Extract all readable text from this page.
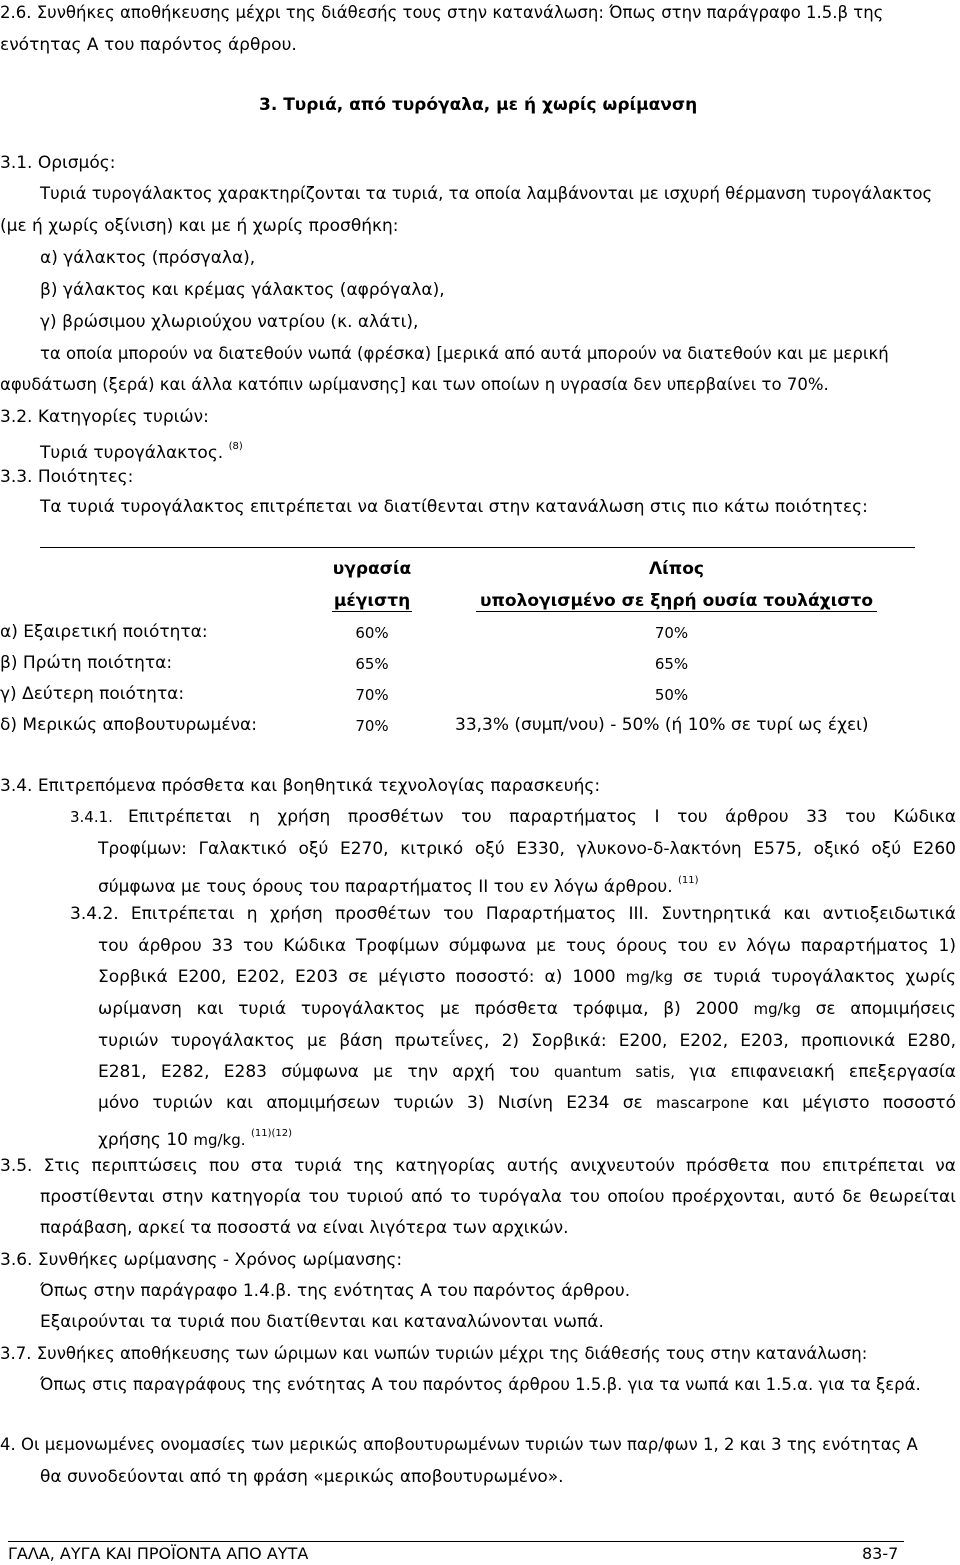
2.6. Συνθήκες αποθήκευσης μέχρι της διάθεσής τους στην κατανάλωση: Όπως στην παράγραφο 1.5.β της
ενότητας Α του παρόντος άρθρου.
3. Τυριά, από τυρόγαλα, με ή χωρίς ωρίμανση
3.1. Ορισμός:
Τυριά τυρογάλακτος χαρακτηρίζονται τα τυριά, τα οποία λαμβάνονται με ισχυρή θέρμανση τυρογάλακτος
(με ή χωρίς οξίνιση) και με ή χωρίς προσθήκη:
α) γάλακτος (πρόσγαλα),
β) γάλακτος και κρέμας γάλακτος (αφρόγαλα),
γ) βρώσιμου χλωριούχου νατρίου (κ. αλάτι),
τα οποία μπορούν να διατεθούν νωπά (φρέσκα) [μερικά από αυτά μπορούν να διατεθούν και με μερική
αφυδάτωση (ξερά) και άλλα κατόπιν ωρίμανσης] και των οποίων η υγρασία δεν υπερβαίνει το 70%.
3.2. Κατηγορίες τυριών:
Τυριά τυρογάλακτος. $^{(8)}$
3.3. Ποιότητες:
Τα τυριά τυρογάλακτος επιτρέπεται να διατίθενται στην κατανάλωση στις πιο κάτω ποιότητες:
υγρασία
μέγιστη
Λίπος
υπολογισμένο σε ξηρή ουσία τουλάχιστο
α) Εξαιρετική ποιότητα:	60%	70%
β) Πρώτη ποιότητα:	65%	65%
γ) Δεύτερη ποιότητα:	70%	50%
δ) Μερικώς αποβουτυρωμένα:	70%	33,3% (συμπ/νου) - 50% (ή 10% σε τυρί ως έχει)
3.4. Επιτρεπόμενα πρόσθετα και βοηθητικά τεχνολογίας παρασκευής:
3.4.1. Επιτρέπεται η χρήση προσθέτων του παραρτήματος Ι του άρθρου 33 του Κώδικα
Τροφίμων: Γαλακτικό οξύ Ε270, κιτρικό οξύ Ε330, γλυκονο-δ-λακτόνη Ε575, οξικό οξύ Ε260
σύμφωνα με τους όρους του παραρτήματος ΙΙ του εν λόγω άρθρου. $^{(11)}$
3.4.2. Επιτρέπεται η χρήση προσθέτων του Παραρτήματος ΙΙΙ. Συντηρητικά και αντιοξειδωτικά
του άρθρου 33 του Κώδικα Τροφίμων σύμφωνα με τους όρους του εν λόγω παραρτήματος 1)
Σορβικά Ε200, Ε202, Ε203 σε μέγιστο ποσοστό: α) 1000 mg/kg σε τυριά τυρογάλακτος χωρίς
ωρίμανση και τυριά τυρογάλακτος με πρόσθετα τρόφιμα, β) 2000 mg/kg σε απομιμήσεις
τυριών τυρογάλακτος με βάση πρωτεΐνες, 2) Σορβικά: Ε200, Ε202, Ε203, προπιονικά Ε280,
Ε281, Ε282, Ε283 σύμφωνα με την αρχή του quantum satis, για επιφανειακή επεξεργασία
μόνο τυριών και απομιμήσεων τυριών 3) Νισίνη Ε234 σε mascarpone και μέγιστο ποσοστό
χρήσης 10 mg/kg. $^{(11)(12)}$
3.5. Στις περιπτώσεις που στα τυριά της κατηγορίας αυτής ανιχνευτούν πρόσθετα που επιτρέπεται να
προστίθενται στην κατηγορία του τυριού από το τυρόγαλα του οποίου προέρχονται, αυτό δε θεωρείται
παράβαση, αρκεί τα ποσοστά να είναι λιγότερα των αρχικών.
3.6. Συνθήκες ωρίμανσης - Χρόνος ωρίμανσης:
Όπως στην παράγραφο 1.4.β. της ενότητας Α του παρόντος άρθρου.
Εξαιρούνται τα τυριά που διατίθενται και καταναλώνονται νωπά.
3.7. Συνθήκες αποθήκευσης των ώριμων και νωπών τυριών μέχρι της διάθεσής τους στην κατανάλωση:
Όπως στις παραγράφους της ενότητας Α του παρόντος άρθρου 1.5.β. για τα νωπά και 1.5.α. για τα ξερά.
4. Οι μεμονωμένες ονομασίες των μερικώς αποβουτυρωμένων τυριών των παρ/φων 1, 2 και 3 της ενότητας Α
θα συνοδεύονται από τη φράση «μερικώς αποβουτυρωμένο».
ΓΑΛΑ, ΑΥΓΑ ΚΑΙ ΠΡΟΪΟΝΤΑ ΑΠΟ ΑΥΤΑ	83-7
